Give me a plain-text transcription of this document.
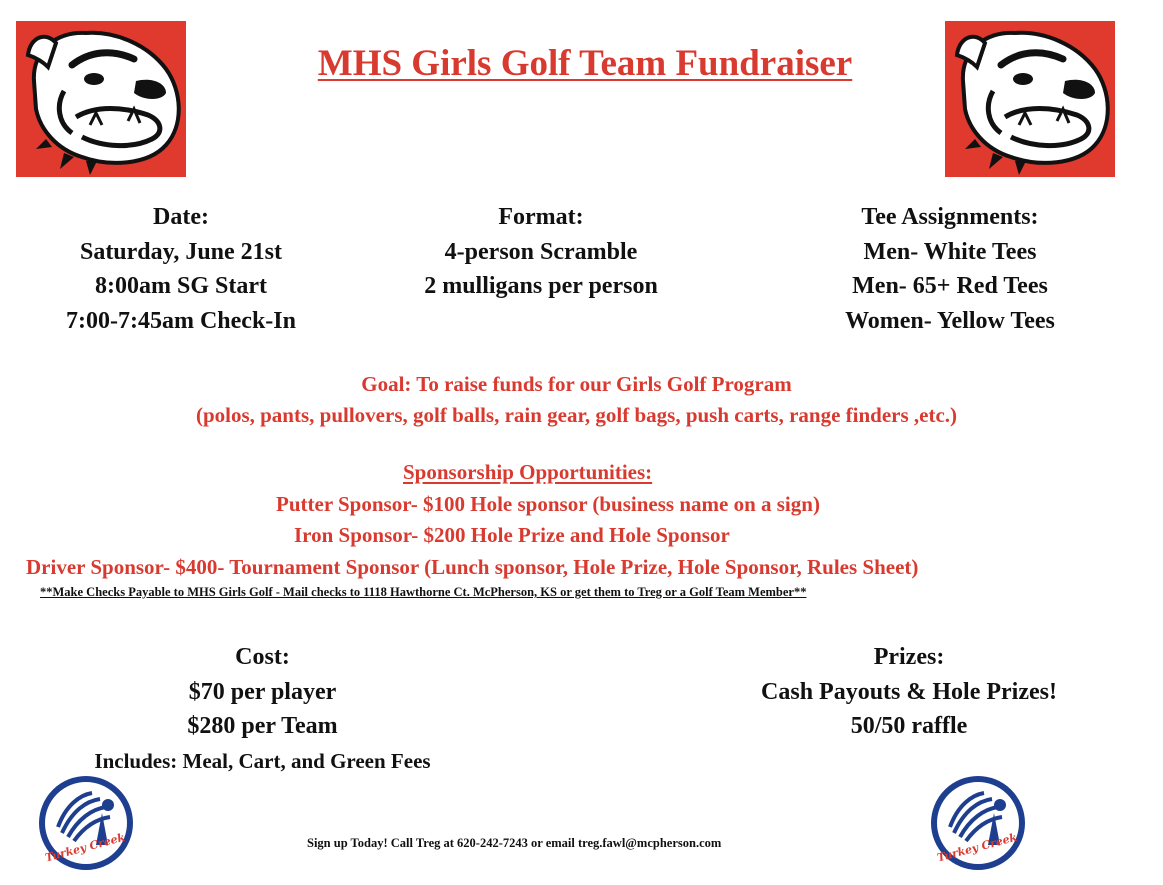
MHS Girls Golf Team Fundraiser
Date:
Saturday, June 21st
8:00am SG Start
7:00-7:45am Check-In
Format:
4-person Scramble
2 mulligans per person
Tee Assignments:
Men- White Tees
Men- 65+ Red Tees
Women- Yellow Tees
Goal: To raise funds for our Girls Golf Program
(polos, pants, pullovers, golf balls, rain gear, golf bags, push carts, range finders ,etc.)
Sponsorship Opportunities:
Putter Sponsor- $100 Hole sponsor (business name on a sign)
Iron Sponsor- $200 Hole Prize and Hole Sponsor
Driver Sponsor- $400- Tournament Sponsor (Lunch sponsor, Hole Prize, Hole Sponsor, Rules Sheet)
**Make Checks Payable to MHS Girls Golf - Mail checks to 1118 Hawthorne Ct. McPherson, KS or get them to Treg or a Golf Team Member**
Cost:
$70 per player
$280 per Team
Includes: Meal, Cart, and Green Fees
Prizes:
Cash Payouts & Hole Prizes!
50/50 raffle
Turkey Creek	Turkey Creek
Sign up Today! Call Treg at 620-242-7243 or email treg.fawl@mcpherson.com
